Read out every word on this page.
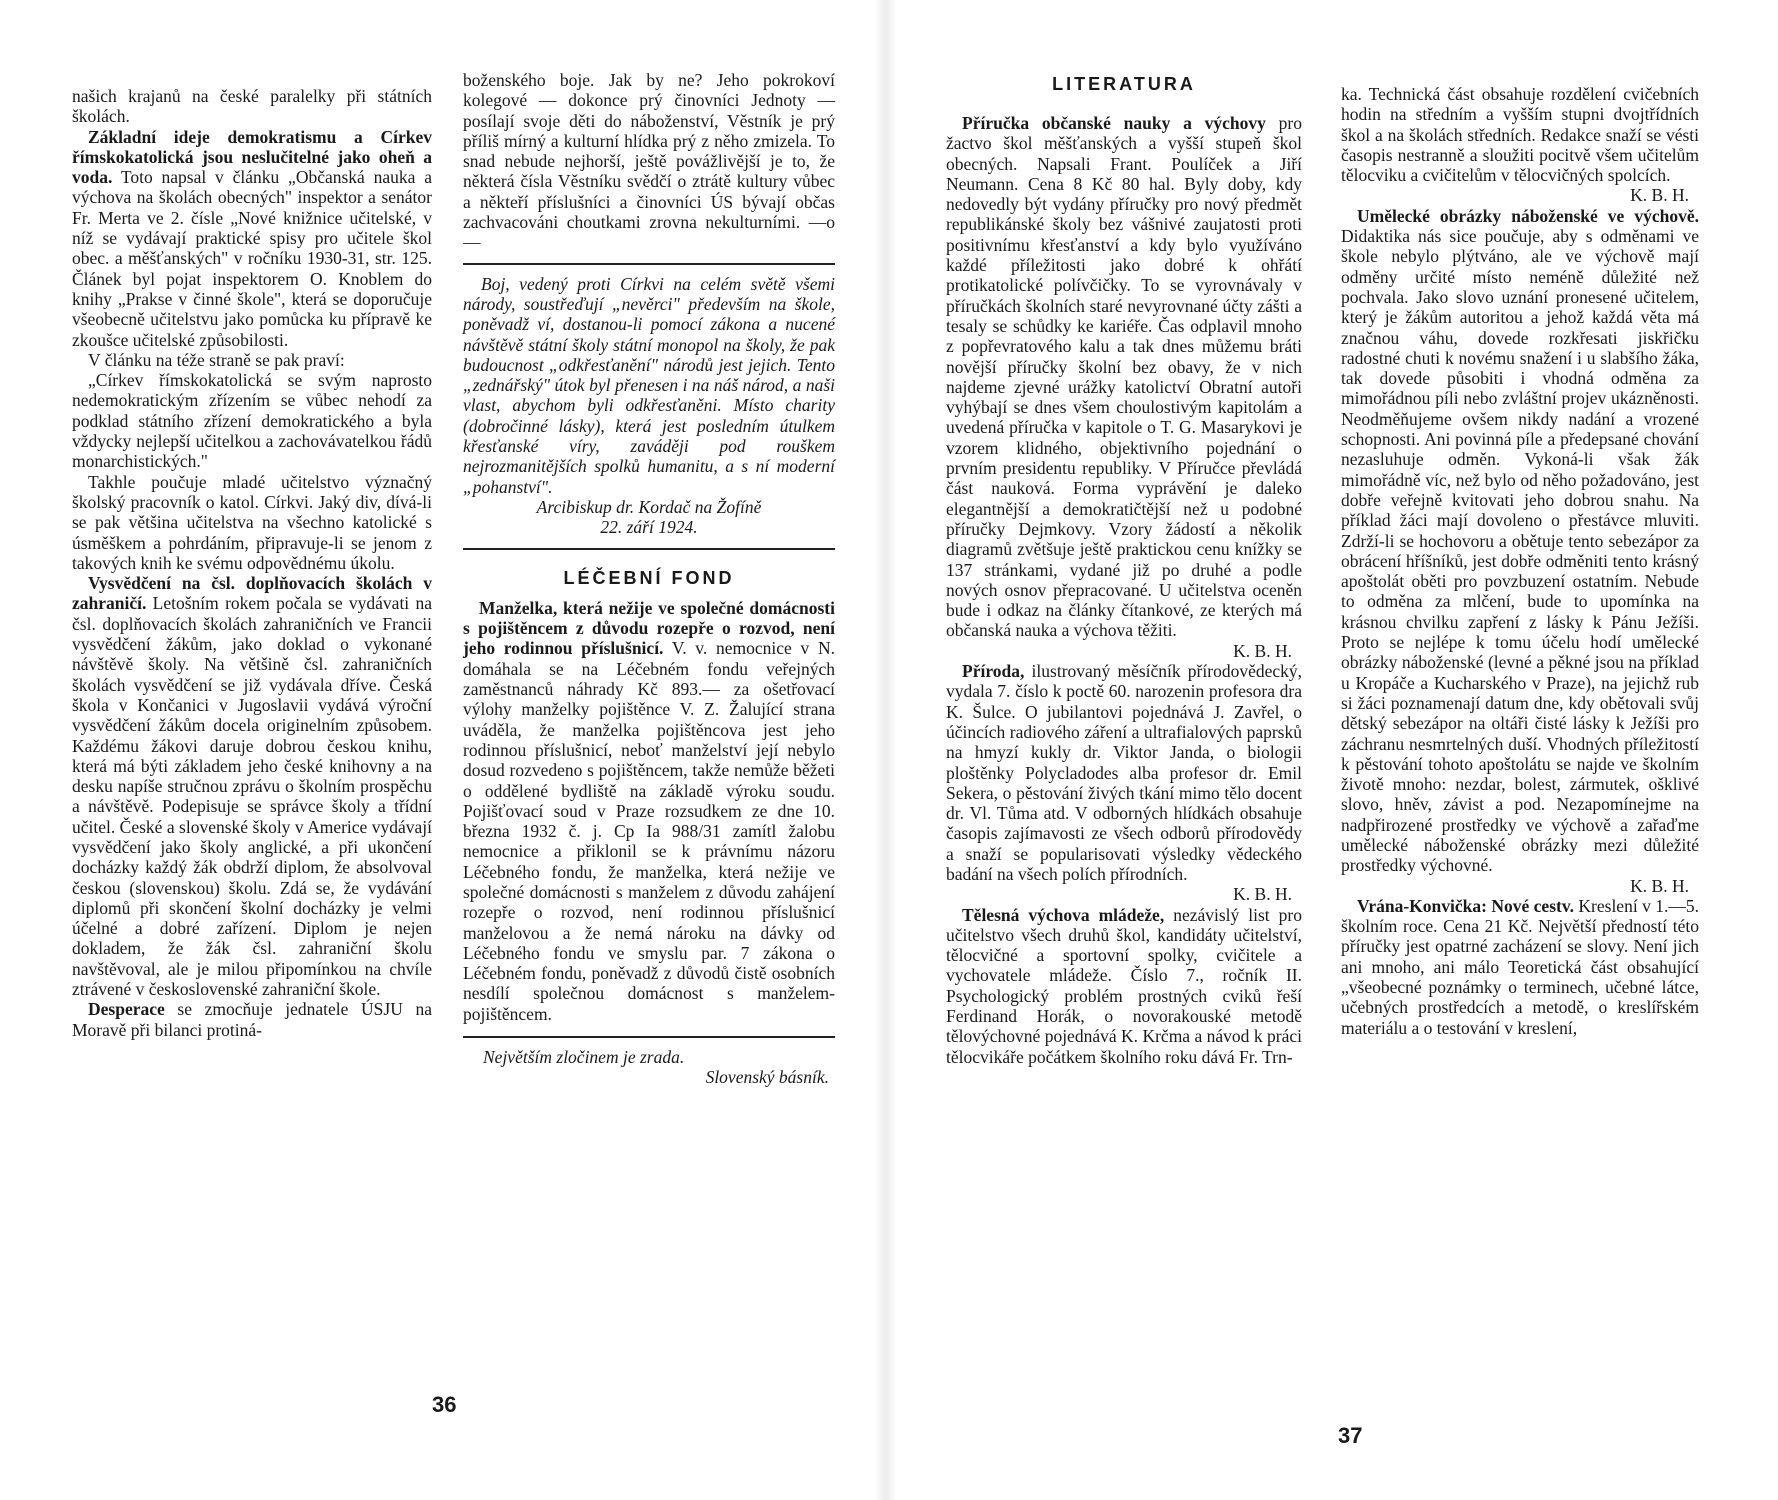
našich krajanů na české paralelky při státních školách.

Základní ideje demokratismu a Církev římskokatolická jsou neslučitelné jako oheň a voda. Toto napsal v článku „Občanská nauka a výchova na školách obecných" inspektor a senátor Fr. Merta ve 2. čísle „Nové knižnice učitelské, v níž se vydávají praktické spisy pro učitele škol obec. a měšťanských" v ročníku 1930-31, str. 125. Článek byl pojat inspektorem O. Knoblem do knihy „Prakse v činné škole", která se doporučuje všeobecně učitelstvu jako pomůcka ku přípravě ke zkoušce učitelské způsobilosti.

V článku na téže straně se pak praví:

„Církev římskokatolická se svým naprosto nedemokratickým zřízením se vůbec nehodí za podklad státního zřízení demokratického a byla vždycky nejlepší učitelkou a zachovávatelkou řádů monarchistických."

Takhle poučuje mladé učitelstvo význačný školský pracovník o katol. Církvi. Jaký div, dívá-li se pak většina učitelstva na všechno katolické s úsměškem a pohrdáním, připravuje-li se jenom z takových knih ke svému odpovědnému úkolu.

Vysvědčení na čsl. doplňovacích školách v zahraničí. Letošním rokem počala se vydávati na čsl. doplňovacích školách zahraničních ve Francii vysvědčení žákům, jako doklad o vykonané návštěvě školy. Na většině čsl. zahraničních školách vysvědčení se již vydávala dříve. Česká škola v Končanici v Jugoslavii vydává výroční vysvědčení žákům docela originelním způsobem. Každému žákovi daruje dobrou českou knihu, která má býti základem jeho české knihovny a na desku napíše stručnou zprávu o školním prospěchu a návštěvě. Podepisuje se správce školy a třídní učitel. České a slovenské školy v Americe vydávají vysvědčení jako školy anglické, a při ukončení docházky každý žák obdrží diplom, že absolvoval českou (slovenskou) školu. Zdá se, že vydávání diplomů při skončení školní docházky je velmi účelné a dobré zařízení. Diplom je nejen dokladem, že žák čsl. zahraniční školu navštěvoval, ale je milou připomínkou na chvíle ztrávené v československé zahraniční škole.

Desperace se zmocňuje jednatele ÚSJU na Moravě při bilanci protiná-

boženského boje. Jak by ne? Jeho pokrokoví kolegové — dokonce prý činovníci Jednoty — posílají svoje děti do náboženství, Věstník je prý příliš mírný a kulturní hlídka prý z něho zmizela. To snad nebude nejhorší, ještě povážlivější je to, že některá čísla Věstníku svědčí o ztrátě kultury vůbec a někteří příslušníci a činovníci ÚS bývají občas zachvacováni choutkami zrovna nekulturními. —o—

Boj, vedený proti Církvi na celém světě všemi národy, soustřeďují „nevěrci" především na škole, poněvadž ví, dostanou-li pomocí zákona a nucené návštěvě státní školy státní monopol na školy, že pak budoucnost „odkřesťanění" národů jest jejich. Tento „zednářský" útok byl přenesen i na náš národ, a naši vlast, abychom byli odkřesťaněni. Místo charity (dobročinné lásky), která jest posledním útulkem křesťanské víry, zaváději pod rouškem nejrozmanitějších spolků humanitu, a s ní moderní „pohanství".

Arcibiskup dr. Kordač na Žofíně
22. září 1924.
LÉČEBNÍ FOND

Manželka, která nežije ve společné domácnosti s pojištěncem z důvodu rozepře o rozvod, není jeho rodinnou příslušnicí. V. v. nemocnice v N. domáhala se na Léčebném fondu veřejných zaměstnanců náhrady Kč 893.— za ošetřovací výlohy manželky pojištěnce V. Z. Žalující strana uváděla, že manželka pojištěncova jest jeho rodinnou příslušnicí, neboť manželství její nebylo dosud rozvedeno s pojištěncem, takže nemůže běžeti o oddělené bydliště na základě výroku soudu. Pojišťovací soud v Praze rozsudkem ze dne 10. března 1932 č. j. Cp Ia 988/31 zamítl žalobu nemocnice a přiklonil se k právnímu názoru Léčebného fondu, že manželka, která nežije ve společné domácnosti s manželem z důvodu zahájení rozepře o rozvod, není rodinnou příslušnicí manželovou a že nemá nároku na dávky od Léčebného fondu ve smyslu par. 7 zákona o Léčebném fondu, poněvadž z důvodů čistě osobních nesdílí společnou domácnost s manželem-pojištěncem.

Největším zločinem je zrada.
Slovenský básník.
36
LITERATURA

Příručka občanské nauky a výchovy pro žactvo škol měšťanských a vyšší stupeň škol obecných. Napsali Frant. Poulíček a Jiří Neumann. Cena 8 Kč 80 hal. Byly doby, kdy nedovedly být vydány příručky pro nový předmět republikánské školy bez vášnivé zaujatosti proti positivnímu křesťanství a kdy bylo využíváno každé příležitosti jako dobré k ohřátí protikatolické polívčičky. To se vyrovnávaly v příručkách školních staré nevyrovnané účty zášti a tesaly se schůdky ke kariéře. Čas odplavil mnoho z popřevratového kalu a tak dnes můžemu bráti novější příručky školní bez obavy, že v nich najdeme zjevné urážky katolictví Obratní autoři vyhýbají se dnes všem choulostivým kapitolám a uvedená příručka v kapitole o T. G. Masarykovi je vzorem klidného, objektivního pojednání o prvním presidentu republiky. V Příručce převládá část nauková. Forma vyprávění je daleko elegantnější a demokratičtější než u podobné příručky Dejmkovy. Vzory žádostí a několik diagramů zvětšuje ještě praktickou cenu knížky se 137 stránkami, vydané již po druhé a podle nových osnov přepracované. U učitelstva oceněn bude i odkaz na články čítankové, ze kterých má občanská nauka a výchova těžiti.

K. B. H.

Příroda, ilustrovaný měsíčník přírodovědecký, vydala 7. číslo k poctě 60. narozenin profesora dra K. Šulce. O jubilantovi pojednává J. Zavřel, o účincích radiového záření a ultrafialových paprsků na hmyzí kukly dr. Viktor Janda, o biologii ploštěnky Polycladodes alba profesor dr. Emil Sekera, o pěstování živých tkání mimo tělo docent dr. Vl. Tůma atd. V odborných hlídkách obsahuje časopis zajímavosti ze všech odborů přírodovědy a snaží se popularisovati výsledky vědeckého badání na všech polích přírodních.

K. B. H.

Tělesná výchova mládeže, nezávislý list pro učitelstvo všech druhů škol, kandidáty učitelství, tělocvičné a sportovní spolky, cvičitele a vychovatele mládeže. Číslo 7., ročník II. Psychologický problém prostných cviků řeší Ferdinand Horák, o novorakouské metodě tělovýchovné pojednává K. Krčma a návod k práci tělocvikáře počátkem školního roku dává Fr. Trn-

ka. Technická část obsahuje rozdělení cvičebních hodin na středním a vyšším stupni dvojtřídních škol a na školách středních. Redakce snaží se vésti časopis nestranně a sloužiti pocitvě všem učitelům tělocviku a cvičitelům v tělocvičných spolcích.

K. B. H.

Umělecké obrázky náboženské ve výchově. Didaktika nás sice poučuje, aby s odměnami ve škole nebylo plýtváno, ale ve výchově mají odměny určité místo neméně důležité než pochvala. Jako slovo uznání pronesené učitelem, který je žákům autoritou a jehož každá věta má značnou váhu, dovede rozkřesati jiskřičku radostné chuti k novému snažení i u slabšího žáka, tak dovede působiti i vhodná odměna za mimořádnou píli nebo zvláštní projev ukázněnosti. Neodměňujeme ovšem nikdy nadání a vrozené schopnosti. Ani povinná píle a předepsané chování nezasluhuje odměn. Vykoná-li však žák mimořádně víc, než bylo od něho požadováno, jest dobře veřejně kvitovati jeho dobrou snahu. Na příklad žáci mají dovoleno o přestávce mluviti. Zdrží-li se hochovoru a obětuje tento sebezápor za obrácení hříšníků, jest dobře odměniti tento krásný apoštolát oběti pro povzbuzení ostatním. Nebude to odměna za mlčení, bude to upomínka na krásnou chvilku zapření z lásky k Pánu Ježíši. Proto se nejlépe k tomu účelu hodí umělecké obrázky náboženské (levné a pěkné jsou na příklad u Kropáče a Kucharského v Praze), na jejichž rub si žáci poznamenají datum dne, kdy obětovali svůj dětský sebezápor na oltáři čisté lásky k Ježíši pro záchranu nesmrtelných duší. Vhodných příležitostí k pěstování tohoto apoštolátu se najde ve školním životě mnoho: nezdar, bolest, zármutek, ošklivé slovo, hněv, závist a pod. Nezapomínejme na nadpřirozené prostředky ve výchově a zařaďme umělecké náboženské obrázky mezi důležité prostředky výchovné.

K. B. H.

Vrána-Konvička: Nové cestv. Kreslení v 1.—5. školním roce. Cena 21 Kč. Největší předností této příručky jest opatrné zacházení se slovy. Není jich ani mnoho, ani málo Teoretická část obsahující „všeobecné poznámky o terminech, učebné látce, učebných prostředcích a metodě, o kreslířském materiálu a o testování v kreslení,

37
